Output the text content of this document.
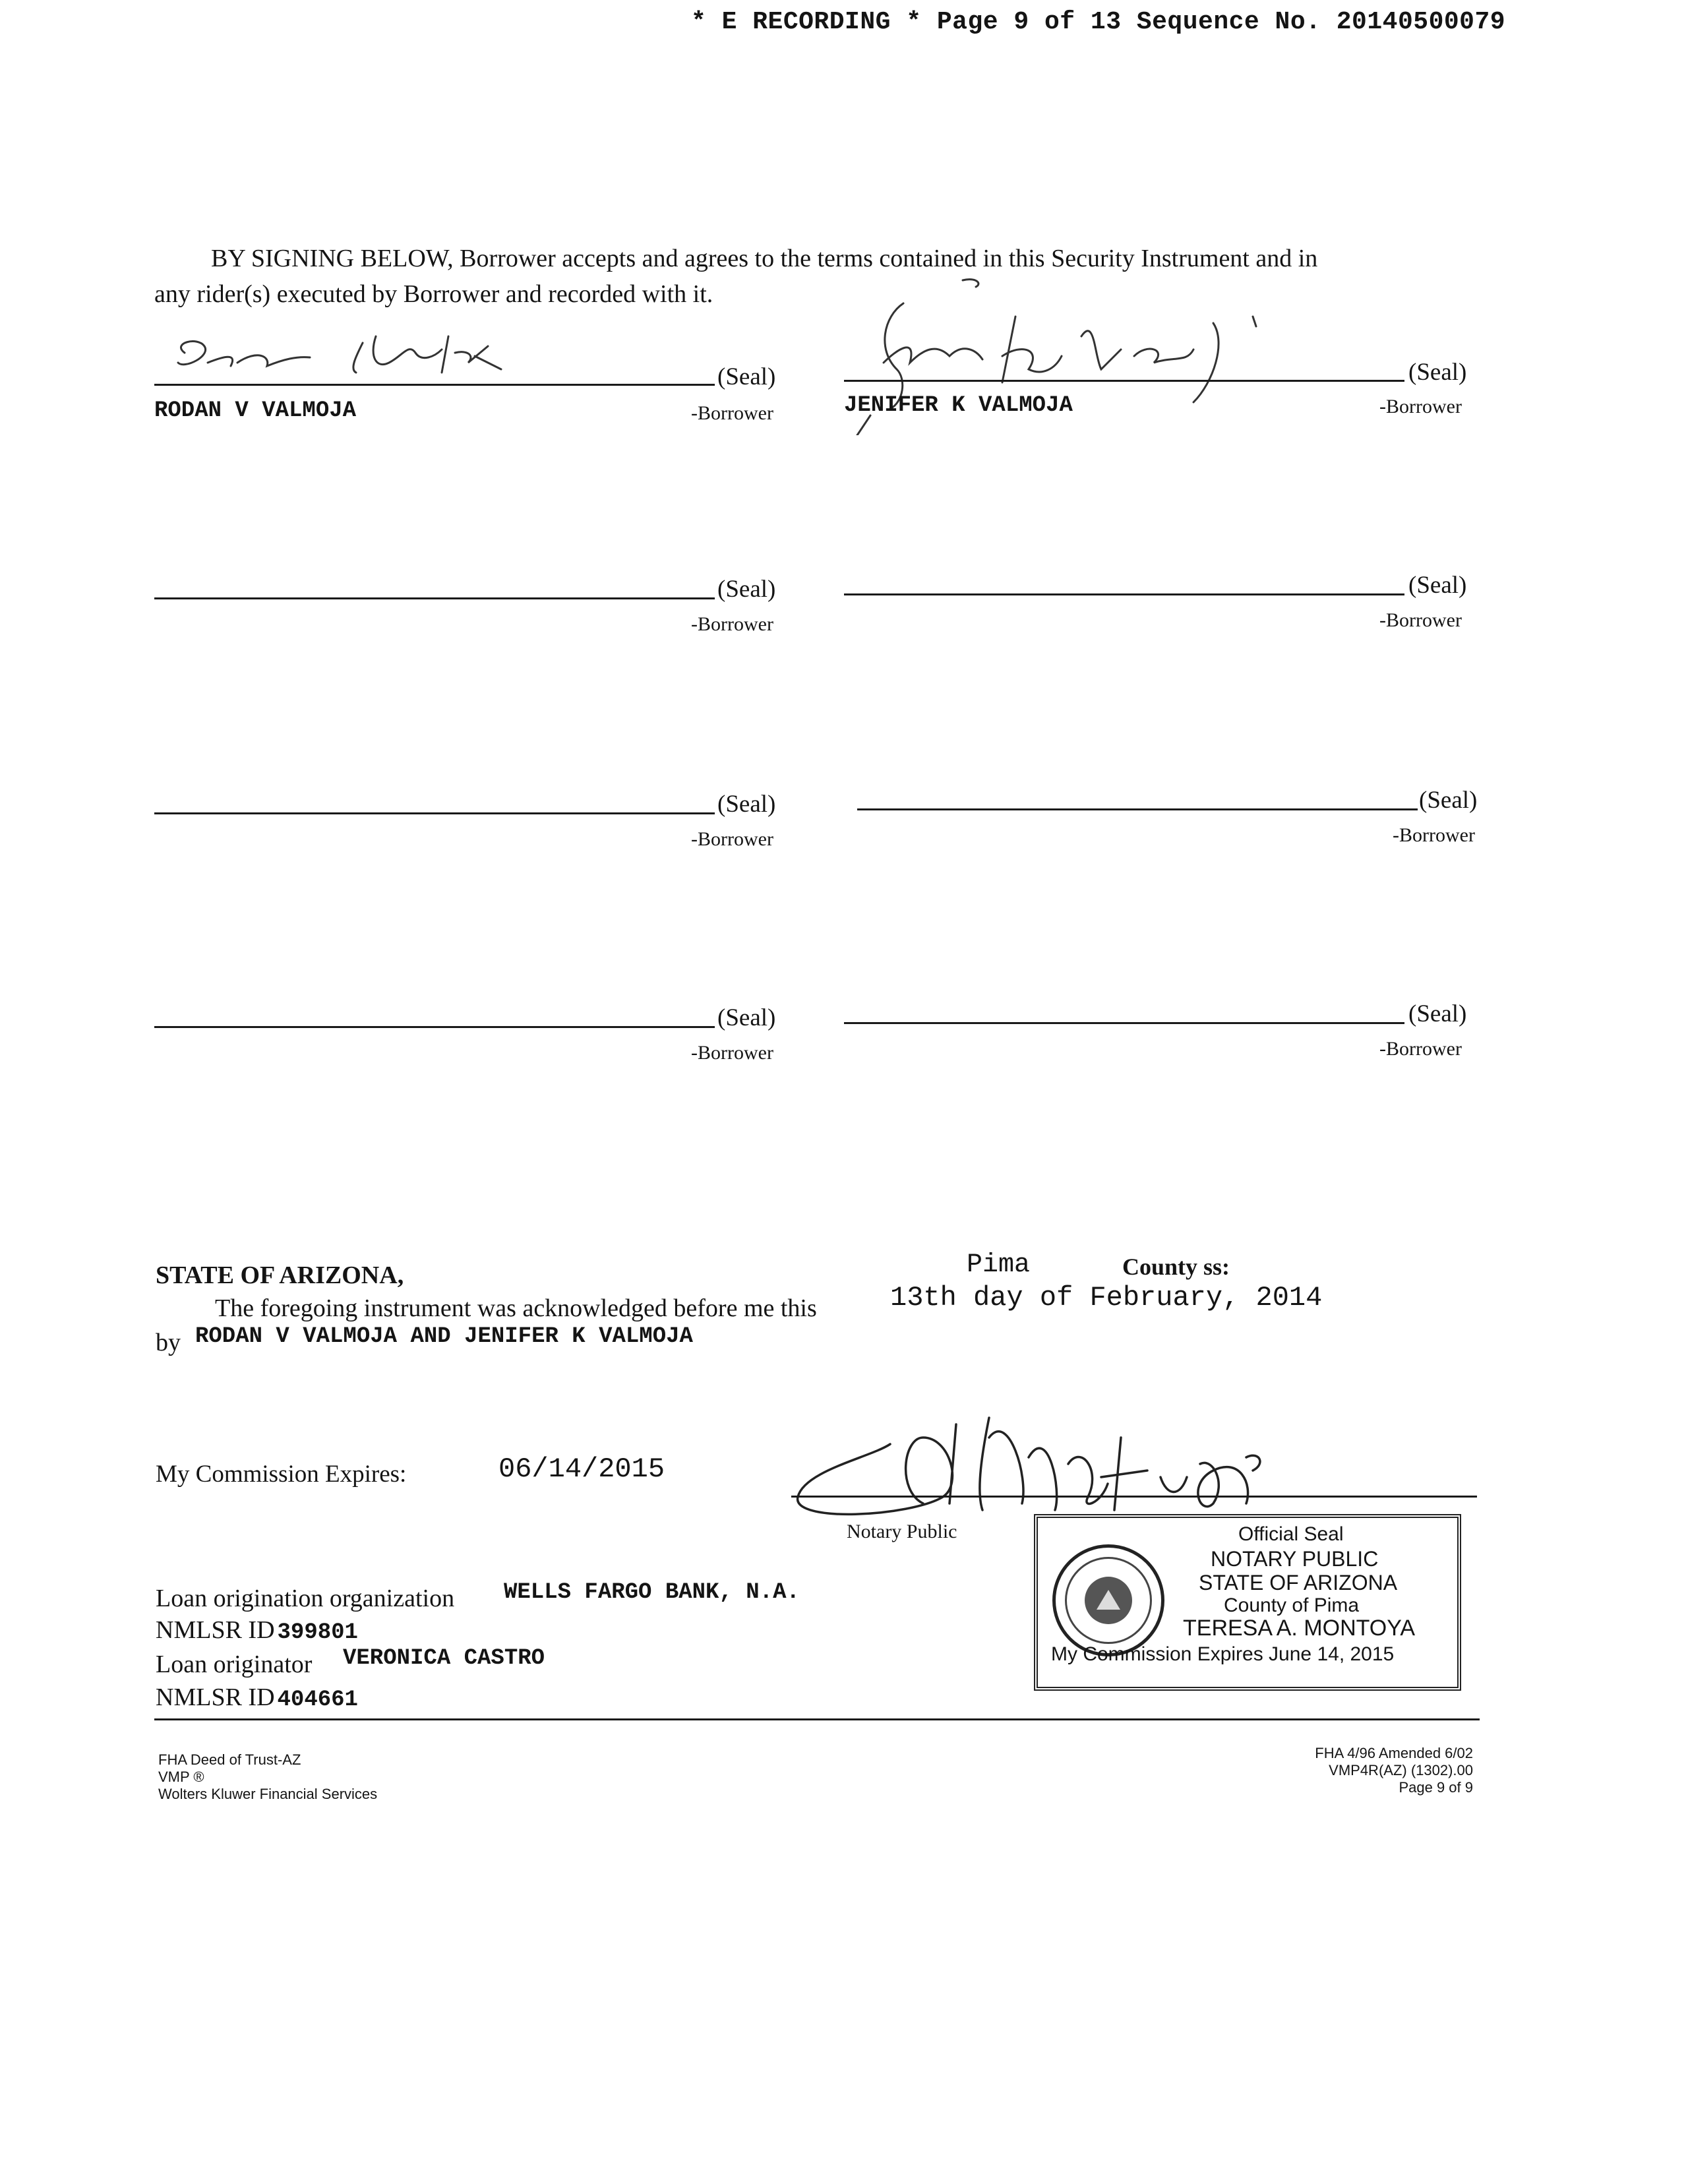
* E RECORDING * Page 9 of 13 Sequence No. 20140500079
BY SIGNING BELOW, Borrower accepts and agrees to the terms contained in this Security Instrument and in
any rider(s) executed by Borrower and recorded with it.
(Seal)
RODAN V VALMOJA	-Borrower
(Seal)
JENIFER K VALMOJA	-Borrower
(Seal)
-Borrower
(Seal)
-Borrower
(Seal)
-Borrower
(Seal)
-Borrower
(Seal)
-Borrower
(Seal)
-Borrower
STATE OF ARIZONA,	Pima	County ss:
The foregoing instrument was acknowledged before me this	13th day of February, 2014
by RODAN V VALMOJA AND JENIFER K VALMOJA
My Commission Expires:	06/14/2015
Notary Public	Official Seal
NOTARY PUBLIC
STATE OF ARIZONA
County of Pima
TERESA A. MONTOYA
My Commission Expires June 14, 2015
Loan origination organization WELLS FARGO BANK, N.A.
NMLSR ID 399801
Loan originator VERONICA CASTRO
NMLSR ID 404661
FHA Deed of Trust-AZ
VMP ®
Wolters Kluwer Financial Services
FHA 4/96 Amended 6/02
VMP4R(AZ) (1302).00
Page 9 of 9
